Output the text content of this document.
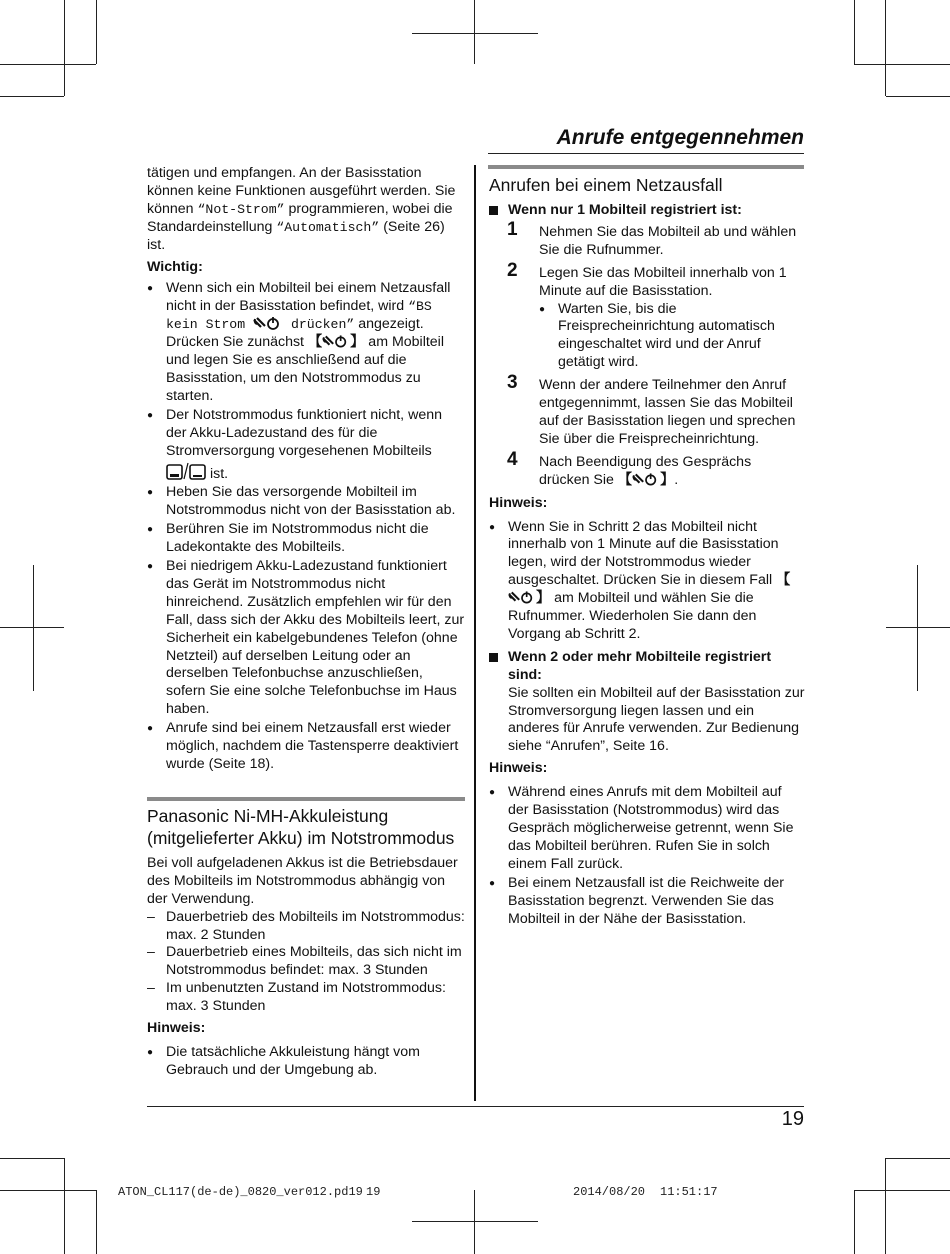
Anrufe entgegennehmen

tätigen und empfangen. An der Basisstation können keine Funktionen ausgeführt werden. Sie können “Not-Strom” programmieren, wobei die Standardeinstellung “Automatisch” (Seite 26) ist.

Wichtig:

● Wenn sich ein Mobilteil bei einem Netzausfall nicht in der Basisstation befindet, wird “BS kein Strom	drücken” angezeigt. Drücken Sie zunächst 【 】 am Mobilteil und legen Sie es anschließend auf die Basisstation, um den Notstrommodus zu starten.
● Der Notstrommodus funktioniert nicht, wenn der Akku-Ladezustand des für die Stromversorgung vorgesehenen Mobilteils  ist.
● Heben Sie das versorgende Mobilteil im Notstrommodus nicht von der Basisstation ab.
● Berühren Sie im Notstrommodus nicht die Ladekontakte des Mobilteils.
● Bei niedrigem Akku-Ladezustand funktioniert das Gerät im Notstrommodus nicht hinreichend. Zusätzlich empfehlen wir für den Fall, dass sich der Akku des Mobilteils leert, zur Sicherheit ein kabelgebundenes Telefon (ohne Netzteil) auf derselben Leitung oder an derselben Telefonbuchse anzuschließen, sofern Sie eine solche Telefonbuchse im Haus haben.
● Anrufe sind bei einem Netzausfall erst wieder möglich, nachdem die Tastensperre deaktiviert wurde (Seite 18).

Panasonic Ni-MH-Akkuleistung (mitgelieferter Akku) im Notstrommodus

Bei voll aufgeladenen Akkus ist die Betriebsdauer des Mobilteils im Notstrommodus abhängig von der Verwendung.

– Dauerbetrieb des Mobilteils im Notstrommodus: max. 2 Stunden
– Dauerbetrieb eines Mobilteils, das sich nicht im Notstrommodus befindet: max. 3 Stunden
– Im unbenutzten Zustand im Notstrommodus: max. 3 Stunden

Hinweis:

● Die tatsächliche Akkuleistung hängt vom Gebrauch und der Umgebung ab.

Anrufen bei einem Netzausfall

Wenn nur 1 Mobilteil registriert ist:
1 Nehmen Sie das Mobilteil ab und wählen Sie die Rufnummer.
2 Legen Sie das Mobilteil innerhalb von 1 Minute auf die Basisstation.
● Warten Sie, bis die Freisprecheinrichtung automatisch eingeschaltet wird und der Anruf getätigt wird.
3 Wenn der andere Teilnehmer den Anruf entgegennimmt, lassen Sie das Mobilteil auf der Basisstation liegen und sprechen Sie über die Freisprecheinrichtung.
4 Nach Beendigung des Gesprächs drücken Sie 【 】.

Hinweis:

● Wenn Sie in Schritt 2 das Mobilteil nicht innerhalb von 1 Minute auf die Basisstation legen, wird der Notstrommodus wieder ausgeschaltet. Drücken Sie in diesem Fall 【】 am Mobilteil und wählen Sie die Rufnummer. Wiederholen Sie dann den Vorgang ab Schritt 2.
Wenn 2 oder mehr Mobilteile registriert sind:
Sie sollten ein Mobilteil auf der Basisstation zur Stromversorgung liegen lassen und ein anderes für Anrufe verwenden. Zur Bedienung siehe “Anrufen”, Seite 16.

Hinweis:

● Während eines Anrufs mit dem Mobilteil auf der Basisstation (Notstrommodus) wird das Gespräch möglicherweise getrennt, wenn Sie das Mobilteil berühren. Rufen Sie in solch einem Fall zurück.
● Bei einem Netzausfall ist die Reichweite der Basisstation begrenzt. Verwenden Sie das Mobilteil in der Nähe der Basisstation.
19
ATON_CL117(de-de)_0820_ver012.pd19 19	2014/08/20 11:51:17
